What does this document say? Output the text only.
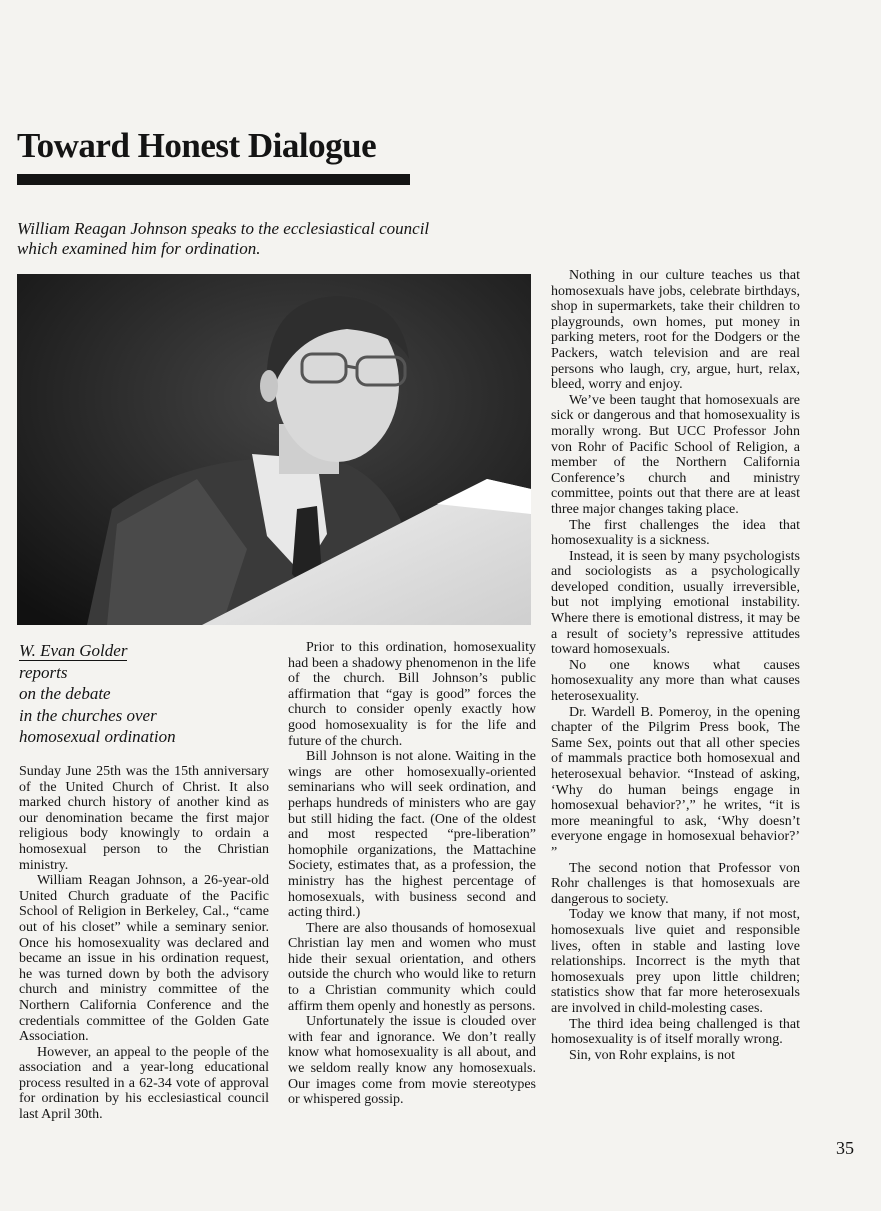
Toward Honest Dialogue
William Reagan Johnson speaks to the ecclesiastical council
which examined him for ordination.
W. Evan Golder
reports
on the debate
in the churches over
homosexual ordination

Sunday June 25th was the 15th anniversary of the United Church of Christ. It also marked church history of another kind as our denomination became the first major religious body knowingly to ordain a homosexual person to the Christian ministry.

William Reagan Johnson, a 26-year-old United Church graduate of the Pacific School of Religion in Berkeley, Cal., “came out of his closet” while a seminary senior. Once his homosexuality was declared and became an issue in his ordination request, he was turned down by both the advisory church and ministry committee of the Northern California Conference and the credentials committee of the Golden Gate Association.

However, an appeal to the people of the association and a year-long educational process resulted in a 62-34 vote of approval for ordination by his ecclesiastical council last April 30th.

Prior to this ordination, homosexuality had been a shadowy phenomenon in the life of the church. Bill Johnson’s public affirmation that “gay is good” forces the church to consider openly exactly how good homosexuality is for the life and future of the church.

Bill Johnson is not alone. Waiting in the wings are other homosexually-oriented seminarians who will seek ordination, and perhaps hundreds of ministers who are gay but still hiding the fact. (One of the oldest and most respected “pre-liberation” homophile organizations, the Mattachine Society, estimates that, as a profession, the ministry has the highest percentage of homosexuals, with business second and acting third.)

There are also thousands of homosexual Christian lay men and women who must hide their sexual orientation, and others outside the church who would like to return to a Christian community which could affirm them openly and honestly as persons.

Unfortunately the issue is clouded over with fear and ignorance. We don’t really know what homosexuality is all about, and we seldom really know any homosexuals. Our images come from movie stereotypes or whispered gossip.

Nothing in our culture teaches us that homosexuals have jobs, celebrate birthdays, shop in supermarkets, take their children to playgrounds, own homes, put money in parking meters, root for the Dodgers or the Packers, watch television and are real persons who laugh, cry, argue, hurt, relax, bleed, worry and enjoy.

We’ve been taught that homosexuals are sick or dangerous and that homosexuality is morally wrong. But UCC Professor John von Rohr of Pacific School of Religion, a member of the Northern California Conference’s church and ministry committee, points out that there are at least three major changes taking place.

The first challenges the idea that homosexuality is a sickness.

Instead, it is seen by many psychologists and sociologists as a psychologically developed condition, usually irreversible, but not implying emotional instability. Where there is emotional distress, it may be a result of society’s repressive attitudes toward homosexuals.

No one knows what causes homosexuality any more than what causes heterosexuality.

Dr. Wardell B. Pomeroy, in the opening chapter of the Pilgrim Press book, The Same Sex, points out that all other species of mammals practice both homosexual and heterosexual behavior. “Instead of asking, ‘Why do human beings engage in homosexual behavior?’,” he writes, “it is more meaningful to ask, ‘Why doesn’t everyone engage in homosexual behavior?’ ”

The second notion that Professor von Rohr challenges is that homosexuals are dangerous to society.

Today we know that many, if not most, homosexuals live quiet and responsible lives, often in stable and lasting love relationships. Incorrect is the myth that homosexuals prey upon little children; statistics show that far more heterosexuals are involved in child-molesting cases.

The third idea being challenged is that homosexuality is of itself morally wrong.

Sin, von Rohr explains, is not

35
